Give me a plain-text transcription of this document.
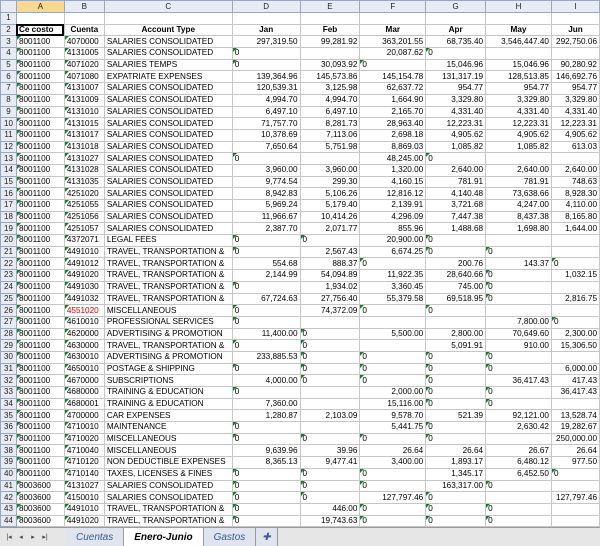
	A	B	C	D	E	F	G	H	I
1									
2	Ce costo	Cuenta	Account Type	Jan	Feb	Mar	Apr	May	Jun
3	8001100	4070000	SALARIES CONSOLIDATED	297,319.50	99,281.92	363,201.55	68,735.40	3,546,447.40	292,750.06
4	8001100	4131005	SALARIES CONSOLIDATED	0		20,087.62	0		
5	8001100	4071020	SALARIES TEMPS	0	30,093.92	0	15,046.96	15,046.96	90,280.92
6	8001100	4071080	EXPATRIATE EXPENSES	139,364.96	145,573.86	145,154.78	131,317.19	128,513.85	146,692.76
7	8001100	4131007	SALARIES CONSOLIDATED	120,539.31	3,125.98	62,637.72	954.77	954.77	954.77
8	8001100	4131009	SALARIES CONSOLIDATED	4,994.70	4,994.70	1,664.90	3,329.80	3,329.80	3,329.80
9	8001100	4131010	SALARIES CONSOLIDATED	6,497.10	6,497.10	2,165.70	4,331.40	4,331.40	4,331.40
10	8001100	4131015	SALARIES CONSOLIDATED	71,757.70	8,281.73	28,963.40	12,223.31	12,223.31	12,223.31
11	8001100	4131017	SALARIES CONSOLIDATED	10,378.69	7,113.06	2,698.18	4,905.62	4,905.62	4,905.62
12	8001100	4131018	SALARIES CONSOLIDATED	7,650.64	5,751.98	8,869.03	1,085.82	1,085.82	613.03
13	8001100	4131027	SALARIES CONSOLIDATED	0		48,245.00	0		
14	8001100	4131028	SALARIES CONSOLIDATED	3,960.00	3,960.00	1,320.00	2,640.00	2,640.00	2,640.00
15	8001100	4131035	SALARIES CONSOLIDATED	9,774.54	299.30	4,160.15	781.91	781.91	748.63
16	8001100	4251020	SALARIES CONSOLIDATED	8,942.83	5,106.26	12,816.12	4,140.48	73,638.66	8,928.30
17	8001100	4251055	SALARIES CONSOLIDATED	5,969.24	5,179.40	2,139.91	3,721.68	4,247.00	4,110.00
18	8001100	4251056	SALARIES CONSOLIDATED	11,966.67	10,414.26	4,296.09	7,447.38	8,437.38	8,165.80
19	8001100	4251057	SALARIES CONSOLIDATED	2,387.70	2,071.77	855.96	1,488.68	1,698.80	1,644.00
20	8001100	4372071	LEGAL FEES	0	0	20,900.00	0		
21	8001100	4491010	TRAVEL, TRANSPORTATION &	0	2,567.43	6,674.25	0	0	
22	8001100	4491012	TRAVEL, TRANSPORTATION &	554.68	888.37	0	200.76	143.37	0
23	8001100	4491020	TRAVEL, TRANSPORTATION &	2,144.99	54,094.89	11,922.35	28,640.66	0	1,032.15
24	8001100	4491030	TRAVEL, TRANSPORTATION &	0	1,934.02	3,360.45	745.00	0	
25	8001100	4491032	TRAVEL, TRANSPORTATION &	67,724.63	27,756.40	55,379.58	69,518.95	0	2,816.75
26	8001100	4551020	MISCELLANEOUS	0	74,372.09	0	0		
27	8001100	4610010	PROFESSIONAL SERVICES	0				7,800.00	0
28	8001100	4620000	ADVERTISING & PROMOTION	11,400.00	0	5,500.00	2,800.00	70,649.60	2,300.00
29	8001100	4630000	TRAVEL, TRANSPORTATION &	0	0		5,091.91	910.00	15,306.50
30	8001100	4630010	ADVERTISING & PROMOTION	233,885.53	0	0	0	0	
31	8001100	4650010	POSTAGE & SHIPPING	0	0	0	0	0	6,000.00
32	8001100	4670000	SUBSCRIPTIONS	4,000.00	0	0	0	36,417.43	417.43
33	8001100	4680000	TRAINING & EDUCATION	0		2,000.00	0	0	36,417.43
34	8001100	4680001	TRAINING & EDUCATION	7,360.00		15,116.00	0	0	
35	8001100	4700000	CAR EXPENSES	1,280.87	2,103.09	9,578.70	521.39	92,121.00	13,528.74
36	8001100	4710010	MAINTENANCE	0		5,441.75	0	2,630.42	19,282.67
37	8001100	4710020	MISCELLANEOUS	0	0	0	0		250,000.00
38	8001100	4710040	MISCELLANEOUS	9,639.96	39.96	26.64	26.64	26.67	26.64
39	8001100	4710120	NON DEDUCTIBLE EXPENSES	8,365.13	9,477.41	3,400.00	1,893.17	6,480.12	977.50
40	8001100	4710140	TAXES, LICENSES & FINES	0	0	0	1,345.17	6,452.50	0
41	8003600	4131027	SALARIES CONSOLIDATED	0	0	0	163,317.00	0	
42	8003600	4150010	SALARIES CONSOLIDATED	0	0	127,797.46	0		127,797.46
43	8003600	4491010	TRAVEL, TRANSPORTATION &	0	446.00	0	0	0	
44	8003600	4491020	TRAVEL, TRANSPORTATION &	0	19,743.63	0	0	0	

|◂	◂	▸	▸|	Cuentas	Enero-Junio	Gastos	✚
